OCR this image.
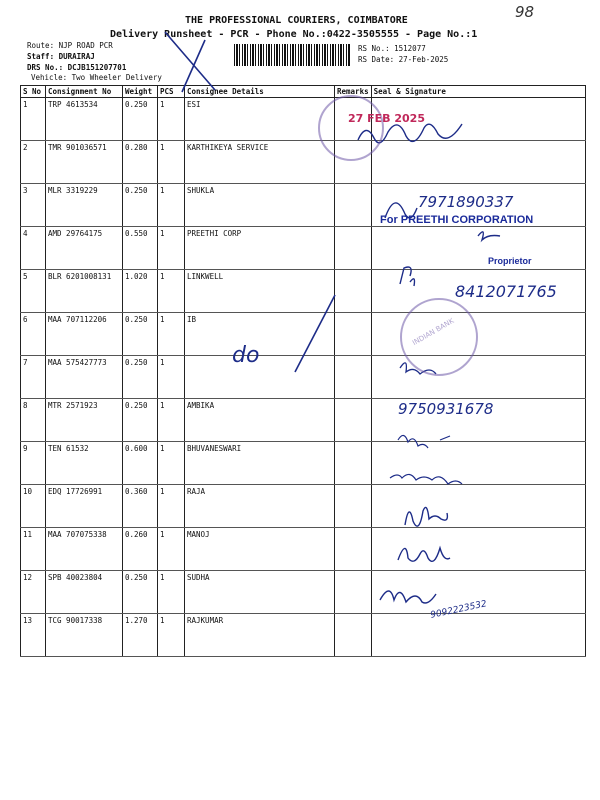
98
THE PROFESSIONAL COURIERS, COIMBATORE
Delivery Runsheet - PCR - Phone No.:0422-3505555 - Page No.:1
Route: NJP ROAD PCR
Staff: DURAIRAJ
DRS No.: DCJB151207701
Vehicle: Two Wheeler Delivery
RS No.: 1512077
RS Date: 27-Feb-2025
S No	Consignment No	Weight	PCS	Consignee Details	Remarks	Seal & Signature
1	TRP 4613534	0.250	1	ESI		
2	TMR 901036571	0.280	1	KARTHIKEYA SERVICE		
3	MLR 3319229	0.250	1	SHUKLA		
4	AMD 29764175	0.550	1	PREETHI CORP		
5	BLR 6201008131	1.020	1	LINKWELL		
6	MAA 707112206	0.250	1	IB		
7	MAA 575427773	0.250	1			
8	MTR 2571923	0.250	1	AMBIKA		
9	TEN 61532	0.600	1	BHUVANESWARI		
10	EDQ 17726991	0.360	1	RAJA		
11	MAA 707075338	0.260	1	MANOJ		
12	SPB 40023804	0.250	1	SUDHA		
13	TCG 90017338	1.270	1	RAJKUMAR		
27 FEB 2025
do
7971890337
For PREETHI CORPORATION
Proprietor
8412071765
INDIAN BANK
9750931678
9092223532
